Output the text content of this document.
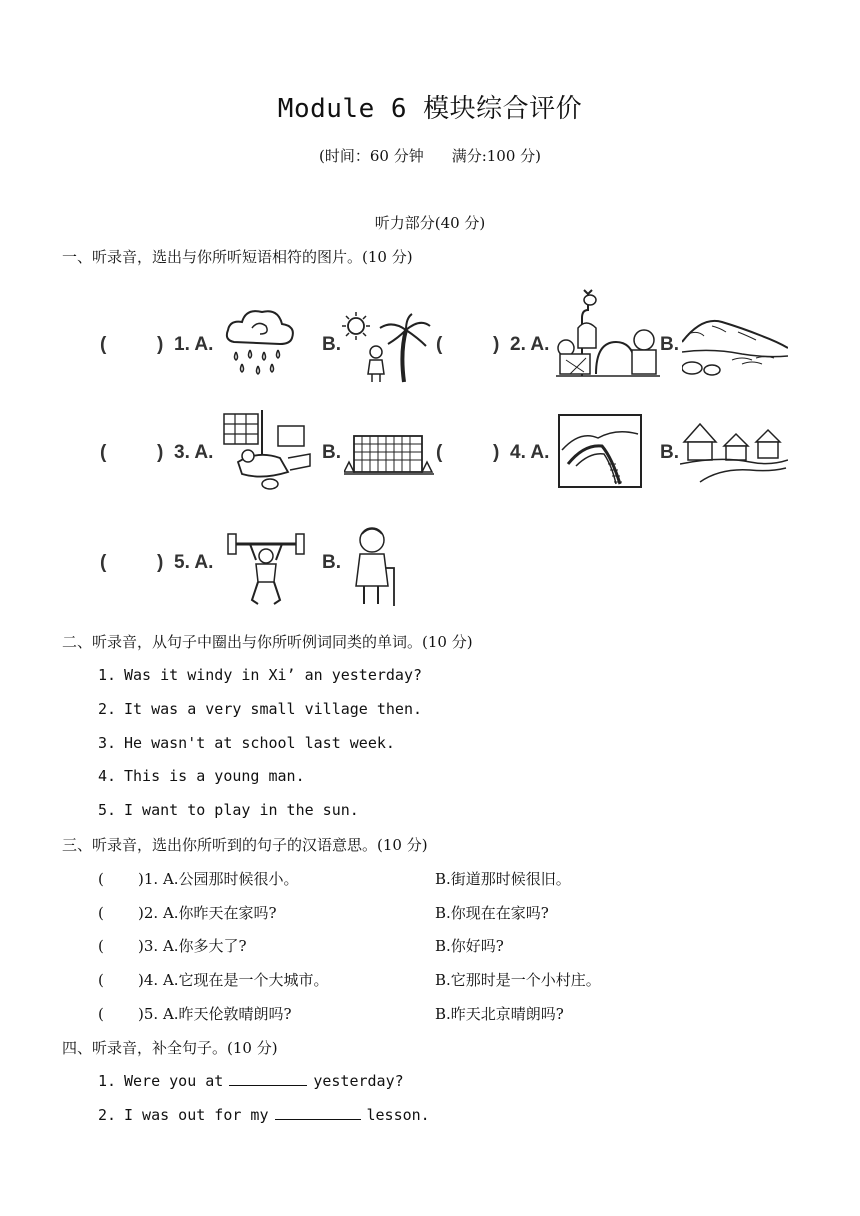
Module 6 模块综合评价
(时间：60 分钟 满分:100 分)
听力部分(40 分)
一、听录音，选出与你所听短语相符的图片。(10 分)
(	) 1. A.	B.	(	) 2. A.	B.
(	) 3. A.	B.	(	) 4. A.	B.
(	) 5. A.	B.
二、听录音，从句子中圈出与你所听例词同类的单词。(10 分)
1. Was it windy in Xi’ an yesterday?
2. It was a very small village then.
3. He wasn't at school last week.
4. This is a young man.
5. I want to play in the sun.
三、听录音，选出你所听到的句子的汉语意思。(10 分)
( )1. A.公园那时候很小。	B.街道那时候很旧。
( )2. A.你昨天在家吗?	B.你现在在家吗?
( )3. A.你多大了?	B.你好吗?
( )4. A.它现在是一个大城市。	B.它那时是一个小村庄。
( )5. A.昨天伦敦晴朗吗?	B.昨天北京晴朗吗?
四、听录音，补全句子。(10 分)
1. Were you at	yesterday?
2. I was out for my	lesson.
